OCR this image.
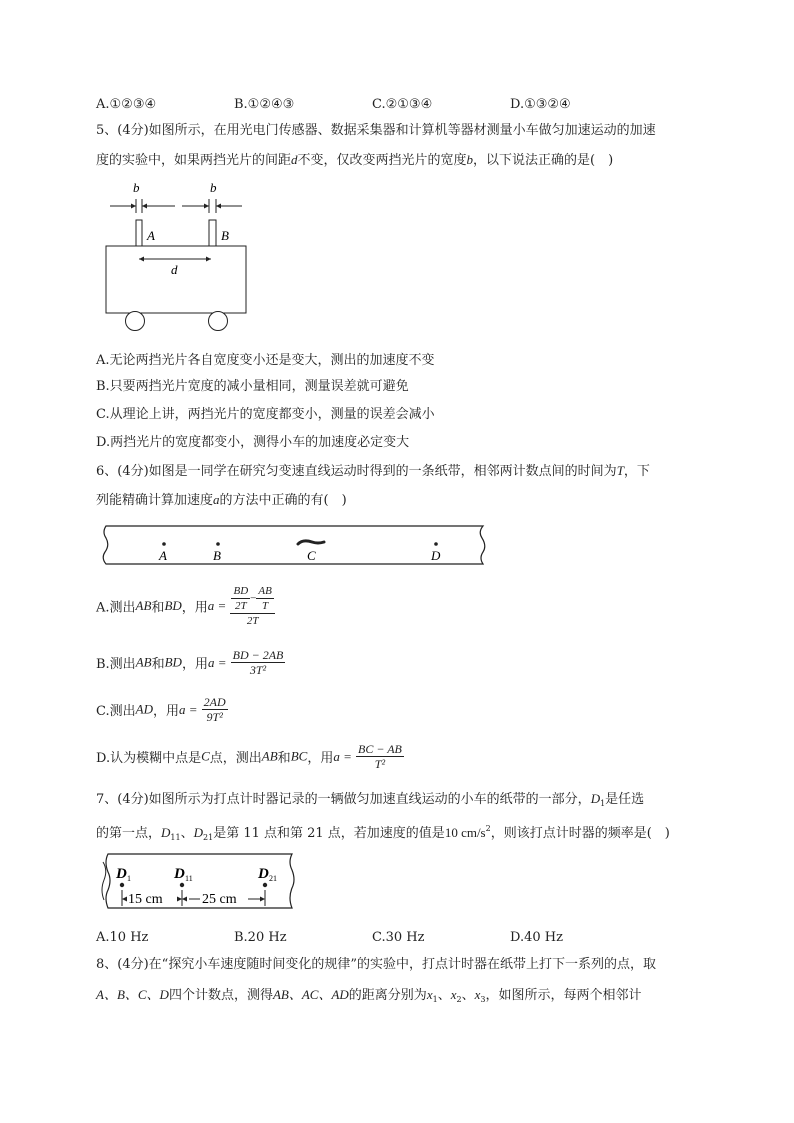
A.①②③④	B.①②④③	C.②①③④	D.①③②④
5、(4分)如图所示，在用光电门传感器、数据采集器和计算机等器材测量小车做匀加速运动的加速
度的实验中，如果两挡光片的间距d不变，仅改变两挡光片的宽度b，以下说法正确的是(　)
b	b
A	B
d
A.无论两挡光片各自宽度变小还是变大，测出的加速度不变
B.只要两挡光片宽度的减小量相同，测量误差就可避免
C.从理论上讲，两挡光片的宽度都变小，测量的误差会减小
D.两挡光片的宽度都变小，测得小车的加速度必定变大
6、(4分)如图是一同学在研究匀变速直线运动时得到的一条纸带，相邻两计数点间的时间为T，下
列能精确计算加速度a的方法中正确的有(　)
A	B	C	D
A.测出AB和BD，用$a = \frac{\frac{BD}{2T} - \frac{AB}{T}}{2T}$
B.测出AB和BD，用$a = \frac{BD - 2AB}{\text{3T²}}$
C.测出AD，用$a = \frac{2AD}{\text{9T²}}$
D.认为模糊中点是C点，测出AB和BC，用$a = \frac{BC - AB}{\text{T²}}$
7、(4分)如图所示为打点计时器记录的一辆做匀加速直线运动的小车的纸带的一部分，$D_1$是任选
的第一点，$D_{11}$、$D_{21}$是第 11 点和第 21 点，若加速度的值是10 $cm/s^2$，则该打点计时器的频率是(　)
D 1	D 11	D 21
15 cm	25 cm
A.10 Hz	B.20 Hz	C.30 Hz	D.40 Hz
8、(4分)在“探究小车速度随时间变化的规律”的实验中，打点计时器在纸带上打下一系列的点，取
A、B、C、D四个计数点，测得AB、AC、AD的距离分别为$x_1$、$x_2$、$x_3$，如图所示，每两个相邻计
